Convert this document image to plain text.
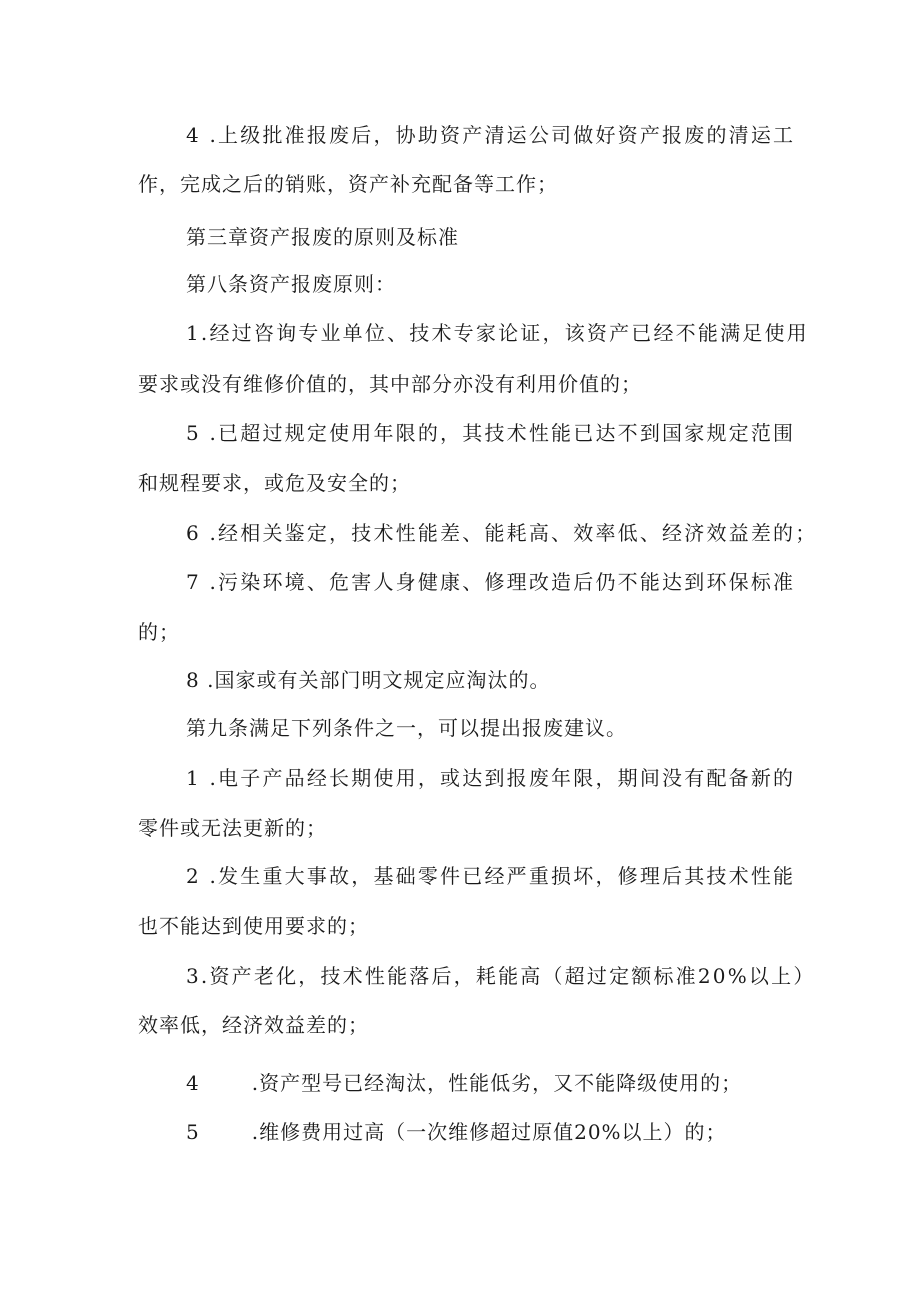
4 .上级批准报废后，协助资产清运公司做好资产报废的清运工
作，完成之后的销账，资产补充配备等工作；
第三章资产报废的原则及标准
第八条资产报废原则：
1.经过咨询专业单位、技术专家论证，该资产已经不能满足使用
要求或没有维修价值的，其中部分亦没有利用价值的；
5 .已超过规定使用年限的，其技术性能已达不到国家规定范围
和规程要求，或危及安全的；
6 .经相关鉴定，技术性能差、能耗高、效率低、经济效益差的；
7 .污染环境、危害人身健康、修理改造后仍不能达到环保标准
的；
8 .国家或有关部门明文规定应淘汰的。
第九条满足下列条件之一，可以提出报废建议。
1 .电子产品经长期使用，或达到报废年限，期间没有配备新的
零件或无法更新的；
2 .发生重大事故，基础零件已经严重损坏，修理后其技术性能
也不能达到使用要求的；
3.资产老化，技术性能落后，耗能高（超过定额标准20%以上）
效率低，经济效益差的；
4	.资产型号已经淘汰，性能低劣，又不能降级使用的；
5	.维修费用过高（一次维修超过原值20%以上）的；
